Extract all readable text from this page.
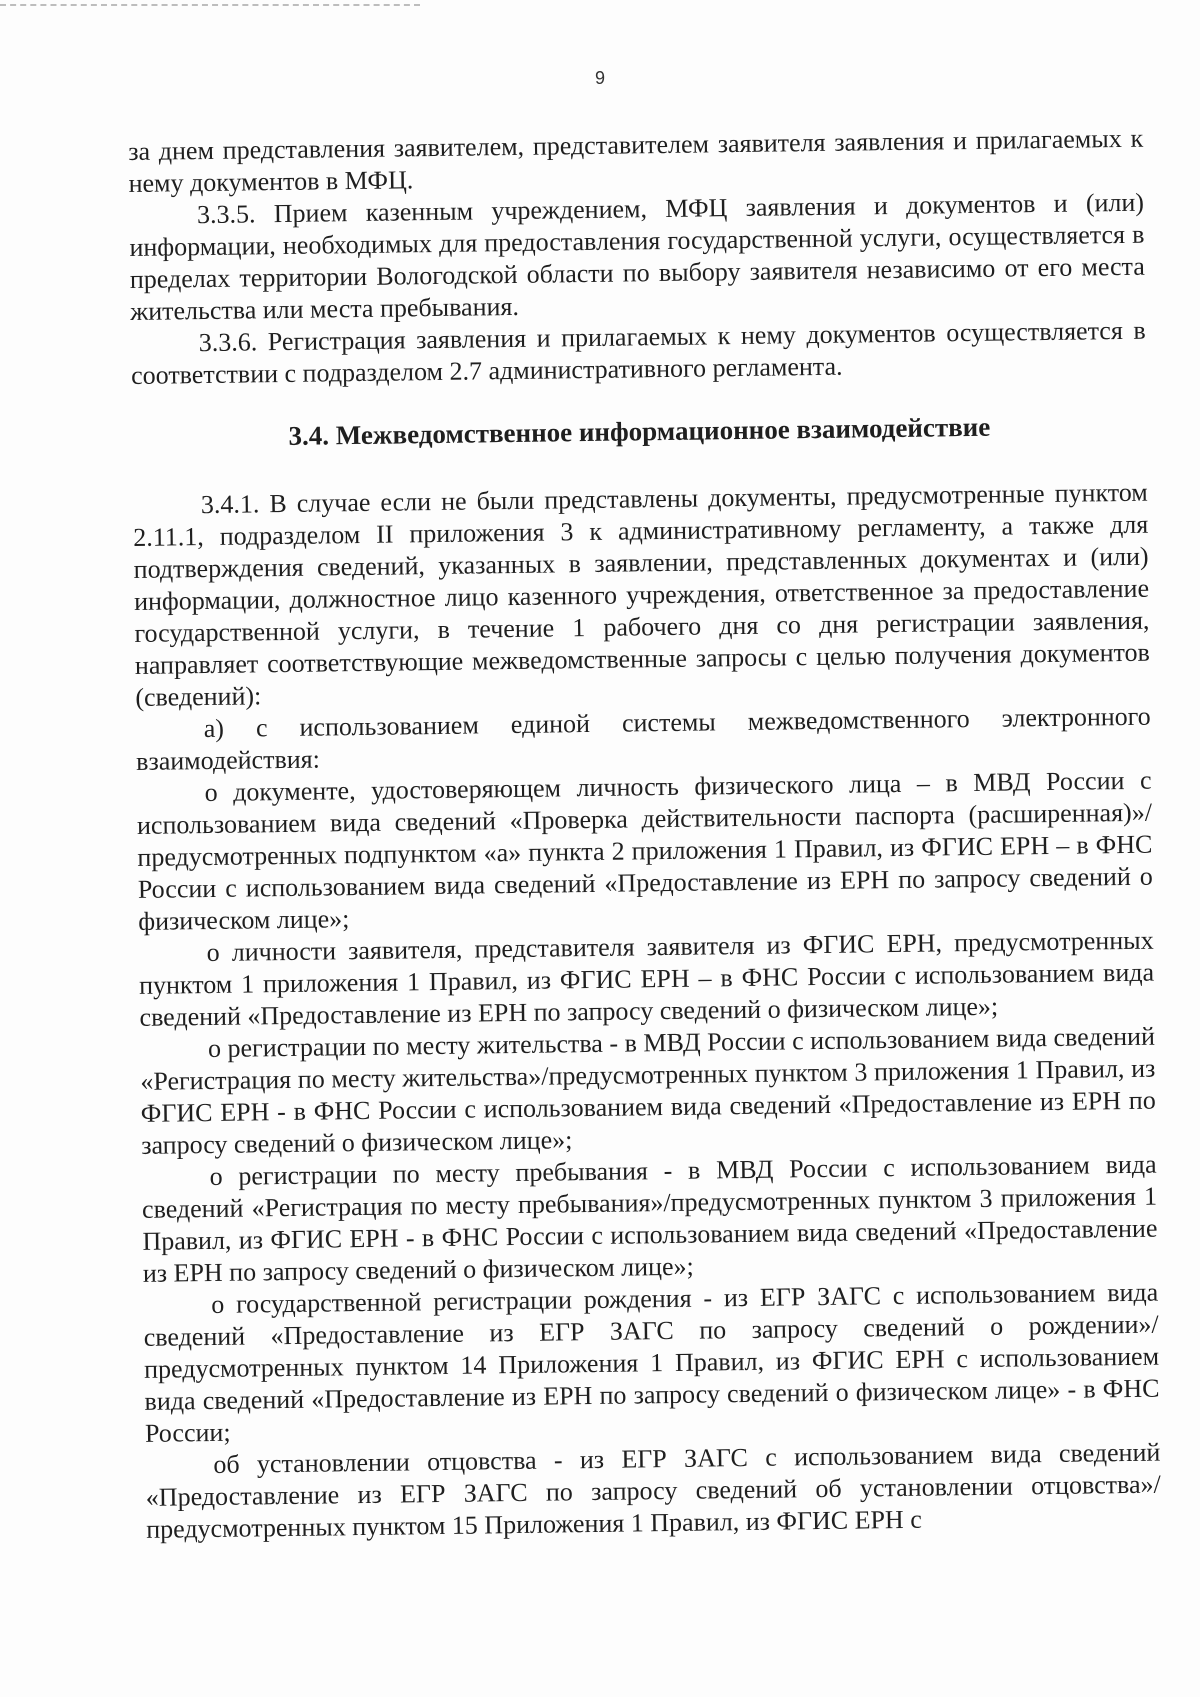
9

за днем представления заявителем, представителем заявителя заявления и прилагаемых к нему документов в МФЦ.

3.3.5. Прием казенным учреждением, МФЦ заявления и документов и (или) информации, необходимых для предоставления государственной услуги, осуществляется в пределах территории Вологодской области по выбору заявителя независимо от его места жительства или места пребывания.

3.3.6. Регистрация заявления и прилагаемых к нему документов осуществляется в соответствии с подразделом 2.7 административного регламента.

3.4. Межведомственное информационное взаимодействие

3.4.1. В случае если не были представлены документы, предусмотренные пунктом 2.11.1, подразделом II приложения 3 к административному регламенту, а также для подтверждения сведений, указанных в заявлении, представленных документах и (или) информации, должностное лицо казенного учреждения, ответственное за предоставление государственной услуги, в течение 1 рабочего дня со дня регистрации заявления, направляет соответствующие межведомственные запросы с целью получения документов (сведений):

а) с использованием единой системы межведомственного электронного взаимодействия:

о документе, удостоверяющем личность физического лица – в МВД России с использованием вида сведений «Проверка действительности паспорта (расширенная)»/предусмотренных подпунктом «а» пункта 2 приложения 1 Правил, из ФГИС ЕРН – в ФНС России с использованием вида сведений «Предоставление из ЕРН по запросу сведений о физическом лице»;

о личности заявителя, представителя заявителя из ФГИС ЕРН, предусмотренных пунктом 1 приложения 1 Правил, из ФГИС ЕРН – в ФНС России с использованием вида сведений «Предоставление из ЕРН по запросу сведений о физическом лице»;

о регистрации по месту жительства - в МВД России с использованием вида сведений «Регистрация по месту жительства»/предусмотренных пунктом 3 приложения 1 Правил, из ФГИС ЕРН - в ФНС России с использованием вида сведений «Предоставление из ЕРН по запросу сведений о физическом лице»;

о регистрации по месту пребывания - в МВД России с использованием вида сведений «Регистрация по месту пребывания»/предусмотренных пунктом 3 приложения 1 Правил, из ФГИС ЕРН - в ФНС России с использованием вида сведений «Предоставление из ЕРН по запросу сведений о физическом лице»;

о государственной регистрации рождения - из ЕГР ЗАГС с использованием вида сведений «Предоставление из ЕГР ЗАГС по запросу сведений о рождении»/предусмотренных пунктом 14 Приложения 1 Правил, из ФГИС ЕРН с использованием вида сведений «Предоставление из ЕРН по запросу сведений о физическом лице» - в ФНС России;

об установлении отцовства - из ЕГР ЗАГС с использованием вида сведений «Предоставление из ЕГР ЗАГС по запросу сведений об установлении отцовства»/ предусмотренных пунктом 15 Приложения 1 Правил, из ФГИС ЕРН с
